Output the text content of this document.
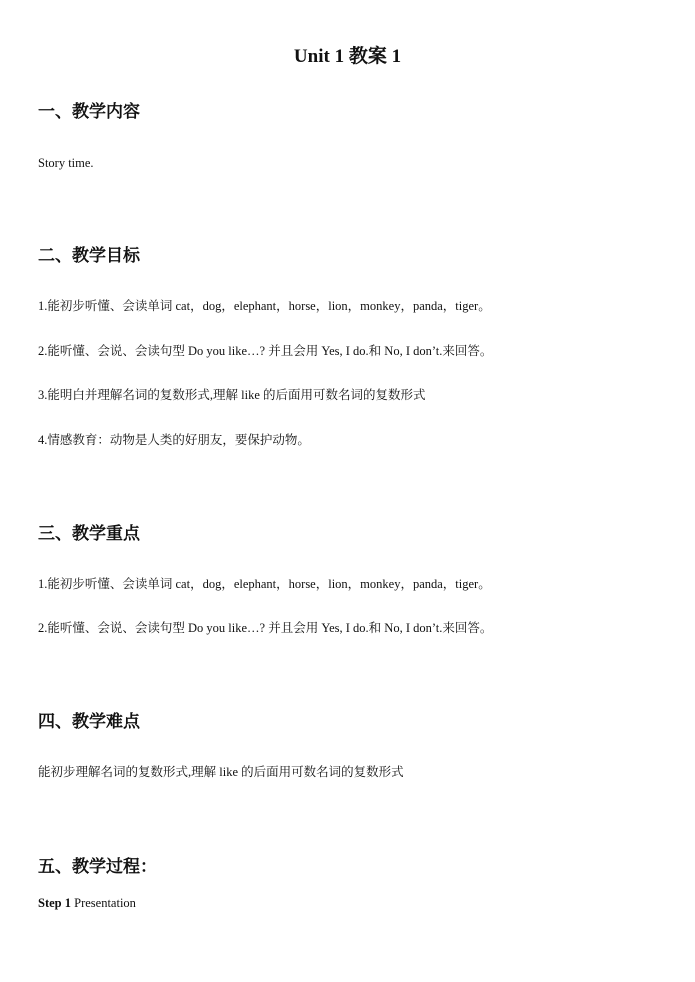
Unit 1 教案 1
一、教学内容
Story time.
二、教学目标
1.能初步听懂、会读单词 cat，dog，elephant，horse，lion，monkey，panda，tiger。
2.能听懂、会说、会读句型 Do you like…? 并且会用 Yes, I do.和 No, I don’t.来回答。
3.能明白并理解名词的复数形式,理解 like 的后面用可数名词的复数形式
4.情感教育：动物是人类的好朋友，要保护动物。
三、教学重点
1.能初步听懂、会读单词 cat，dog，elephant，horse，lion，monkey，panda，tiger。
2.能听懂、会说、会读句型 Do you like…? 并且会用 Yes, I do.和 No, I don’t.来回答。
四、教学难点
能初步理解名词的复数形式,理解 like 的后面用可数名词的复数形式
五、教学过程：
Step 1 Presentation
